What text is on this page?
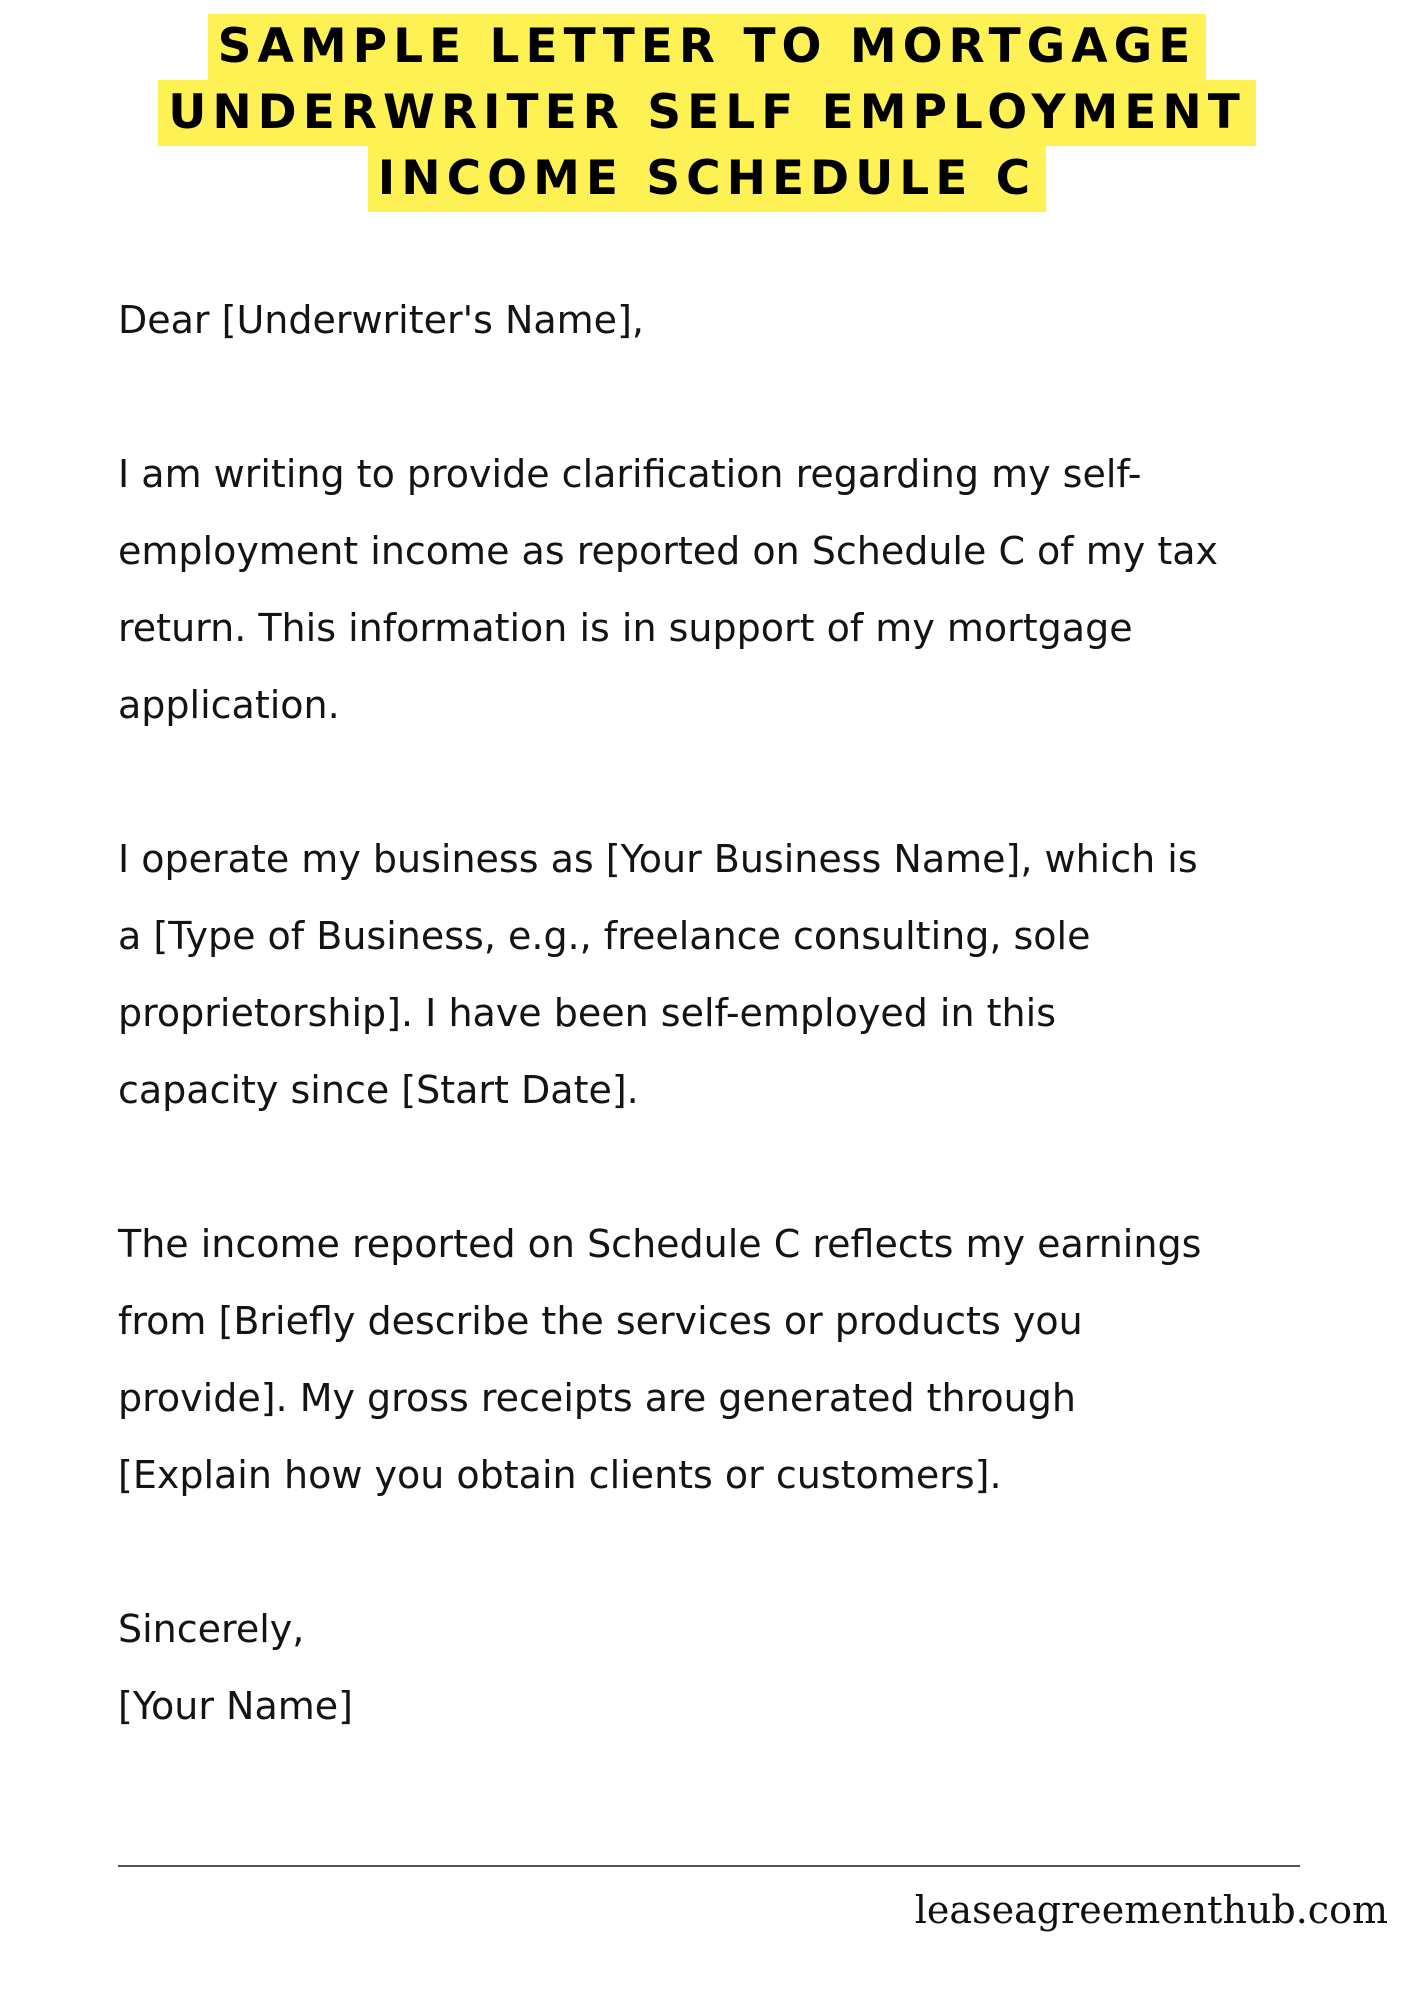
SAMPLE LETTER TO MORTGAGE
UNDERWRITER SELF EMPLOYMENT
INCOME SCHEDULE C

Dear [Underwriter's Name],

I am writing to provide clarification regarding my self-
employment income as reported on Schedule C of my tax
return. This information is in support of my mortgage
application.

I operate my business as [Your Business Name], which is
a [Type of Business, e.g., freelance consulting, sole
proprietorship]. I have been self-employed in this
capacity since [Start Date].

The income reported on Schedule C reflects my earnings
from [Briefly describe the services or products you
provide]. My gross receipts are generated through
[Explain how you obtain clients or customers].

Sincerely,
[Your Name]

leaseagreementhub.com
